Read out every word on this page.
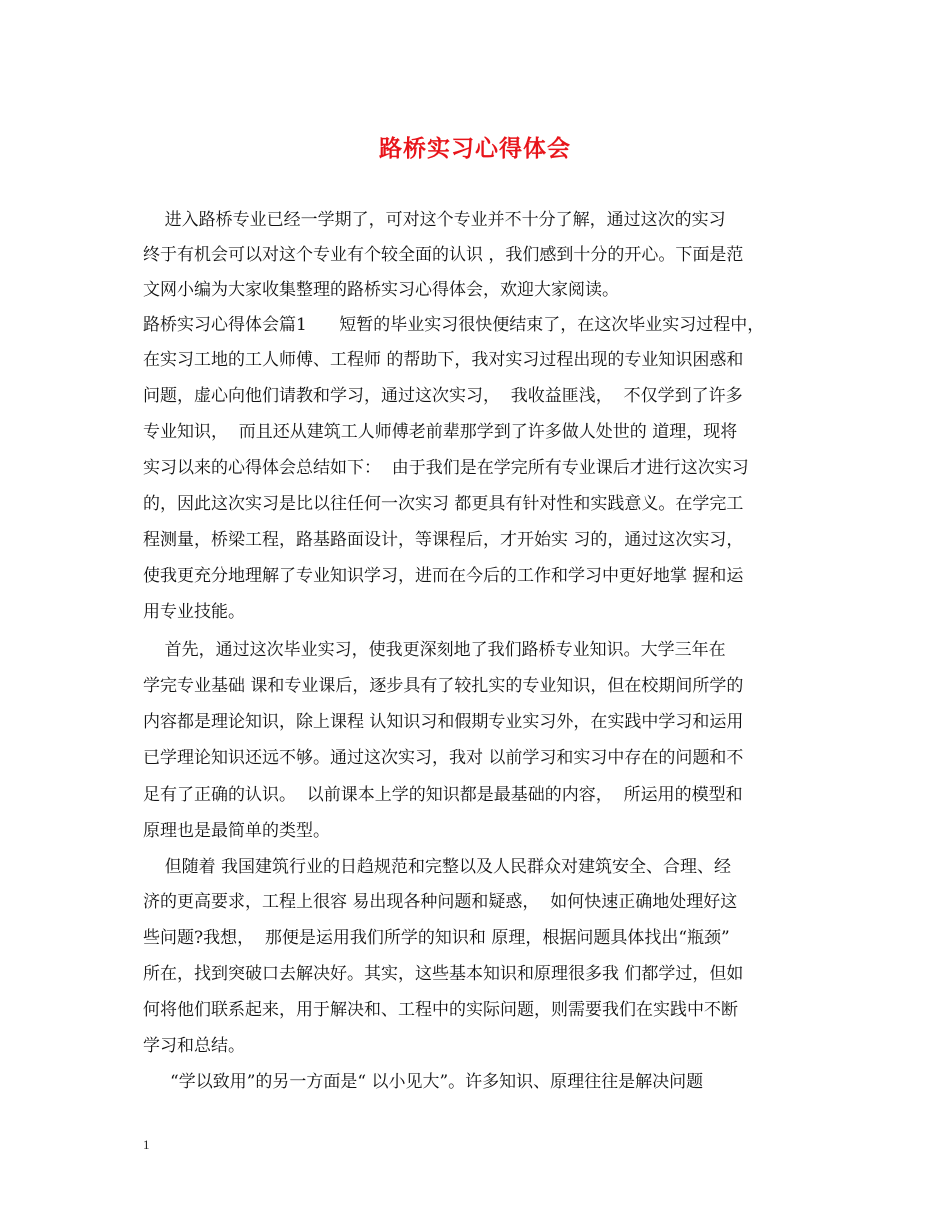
路桥实习心得体会
进入路桥专业已经一学期了，可对这个专业并不十分了解，通过这次的实习
终于有机会可以对这个专业有个较全面的认识 ，我们感到十分的开心。下面是范
文网小编为大家收集整理的路桥实习心得体会，欢迎大家阅读。
路桥实习心得体会篇1      短暂的毕业实习很快便结束了，在这次毕业实习过程中，
在实习工地的工人师傅、工程师 的帮助下，我对实习过程出现的专业知识困惑和
问题，虚心向他们请教和学习，通过这次实习，  我收益匪浅，  不仅学到了许多
专业知识，  而且还从建筑工人师傅老前辈那学到了许多做人处世的 道理，现将
实习以来的心得体会总结如下：  由于我们是在学完所有专业课后才进行这次实习
的，因此这次实习是比以往任何一次实习 都更具有针对性和实践意义。在学完工
程测量，桥梁工程，路基路面设计，等课程后，才开始实 习的，通过这次实习，
使我更充分地理解了专业知识学习，进而在今后的工作和学习中更好地掌 握和运
用专业技能。
首先，通过这次毕业实习，使我更深刻地了我们路桥专业知识。大学三年在
学完专业基础 课和专业课后，逐步具有了较扎实的专业知识，但在校期间所学的
内容都是理论知识，除上课程 认知识习和假期专业实习外，在实践中学习和运用
已学理论知识还远不够。通过这次实习，我对 以前学习和实习中存在的问题和不
足有了正确的认识。  以前课本上学的知识都是最基础的内容，  所运用的模型和
原理也是最简单的类型。
但随着 我国建筑行业的日趋规范和完整以及人民群众对建筑安全、合理、经
济的更高要求，工程上很容 易出现各种问题和疑惑，  如何快速正确地处理好这
些问题?我想，  那便是运用我们所学的知识和 原理，根据问题具体找出“瓶颈”
所在，找到突破口去解决好。其实，这些基本知识和原理很多我 们都学过，但如
何将他们联系起来，用于解决和、工程中的实际问题，则需要我们在实践中不断
学习和总结。
“学以致用”的另一方面是“ 以小见大”。许多知识、原理往往是解决问题
1
